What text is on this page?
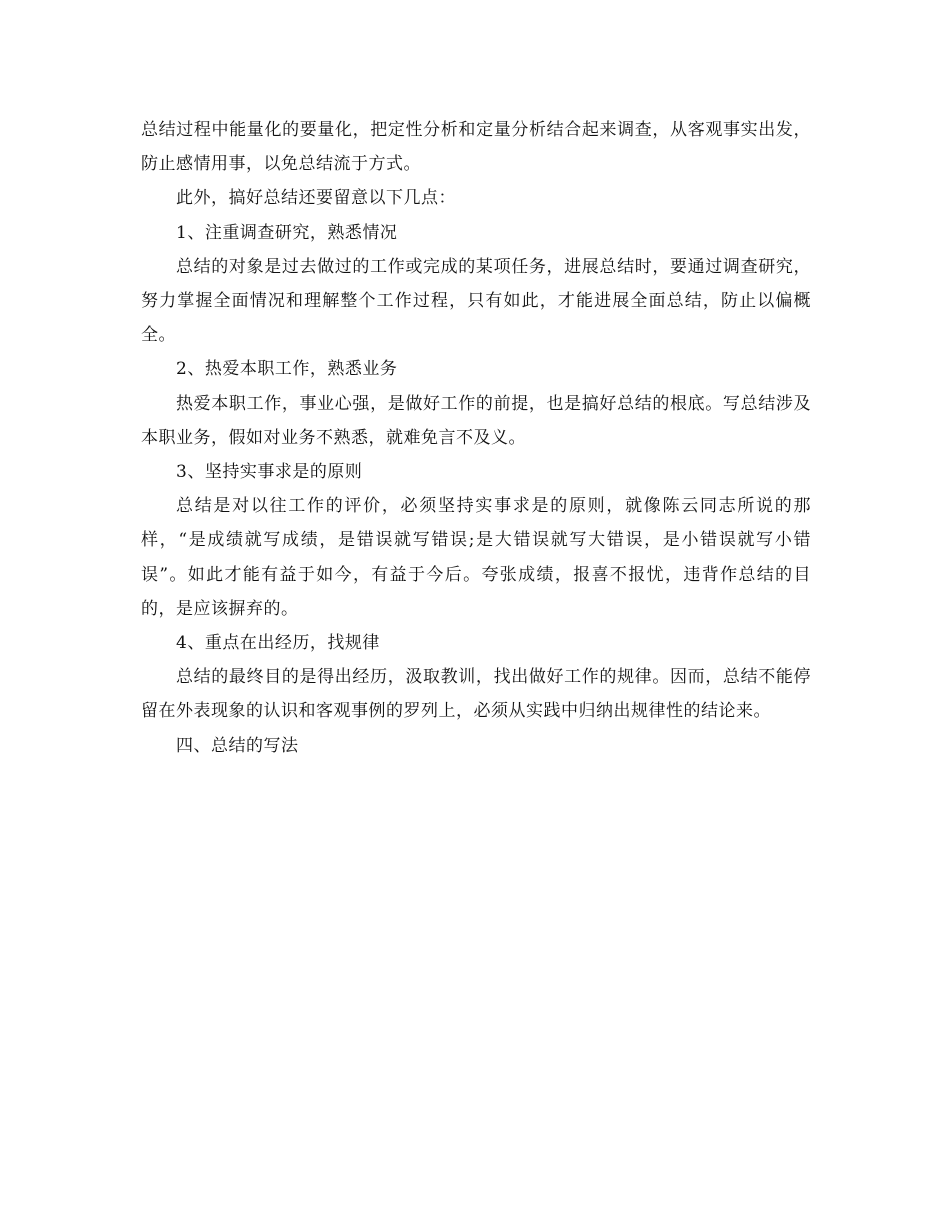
总结过程中能量化的要量化，把定性分析和定量分析结合起来调查，从客观事实出发，防止感情用事，以免总结流于方式。

此外，搞好总结还要留意以下几点：

1、注重调查研究，熟悉情况

总结的对象是过去做过的工作或完成的某项任务，进展总结时，要通过调查研究，努力掌握全面情况和理解整个工作过程，只有如此，才能进展全面总结，防止以偏概全。

2、热爱本职工作，熟悉业务

热爱本职工作，事业心强，是做好工作的前提，也是搞好总结的根底。写总结涉及本职业务，假如对业务不熟悉，就难免言不及义。

3、坚持实事求是的原则

总结是对以往工作的评价，必须坚持实事求是的原则，就像陈云同志所说的那样，“是成绩就写成绩，是错误就写错误;是大错误就写大错误，是小错误就写小错误”。如此才能有益于如今，有益于今后。夸张成绩，报喜不报忧，违背作总结的目的，是应该摒弃的。

4、重点在出经历，找规律

总结的最终目的是得出经历，汲取教训，找出做好工作的规律。因而，总结不能停留在外表现象的认识和客观事例的罗列上，必须从实践中归纳出规律性的结论来。

四、总结的写法
